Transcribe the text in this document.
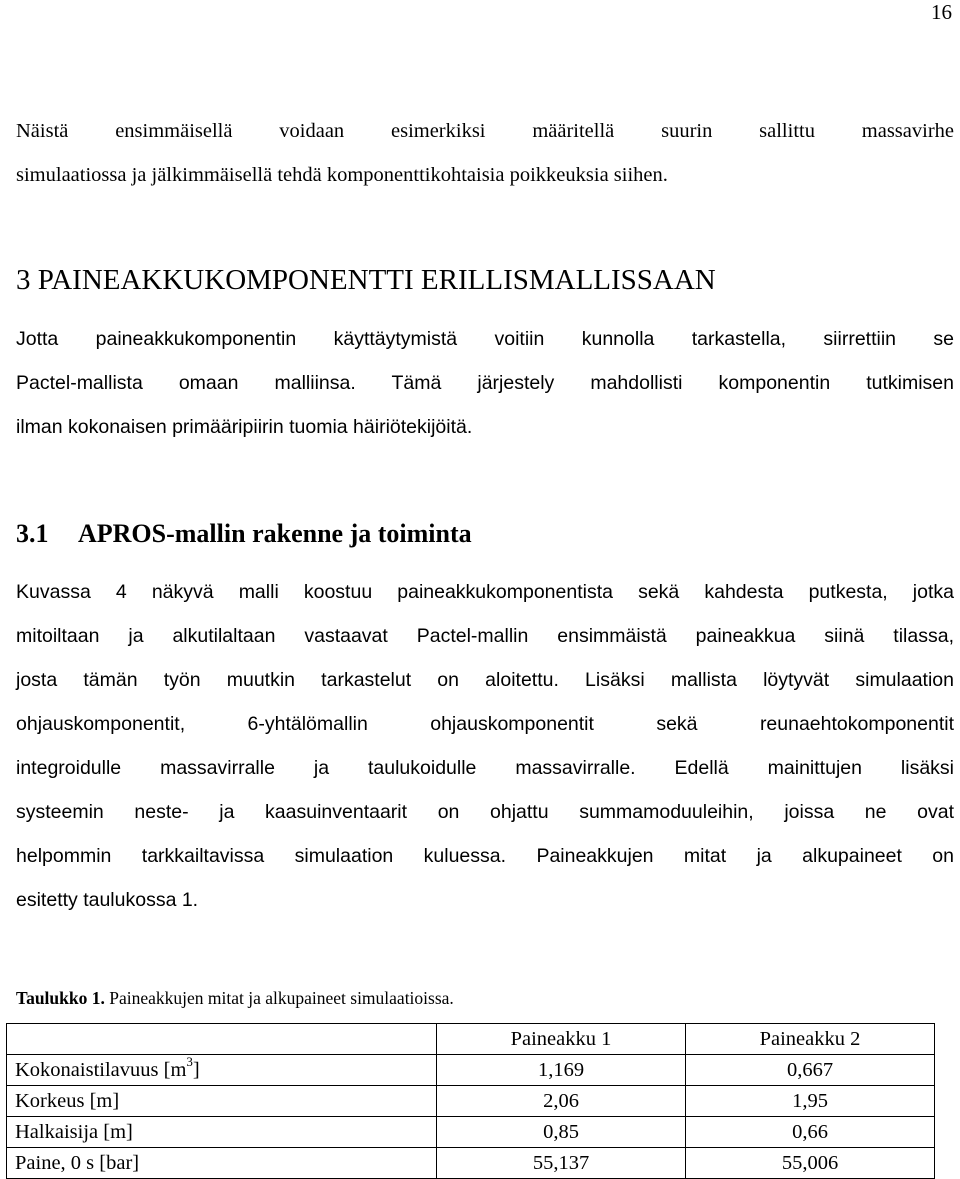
16
Näistä ensimmäisellä voidaan esimerkiksi määritellä suurin sallittu massavirhe
simulaatiossa ja jälkimmäisellä tehdä komponenttikohtaisia poikkeuksia siihen.
3 PAINEAKKUKOMPONENTTI ERILLISMALLISSAAN
Jotta paineakkukomponentin käyttäytymistä voitiin kunnolla tarkastella, siirrettiin se
Pactel-mallista omaan malliinsa. Tämä järjestely mahdollisti komponentin tutkimisen
ilman kokonaisen primääripiirin tuomia häiriötekijöitä.
3.1 APROS-mallin rakenne ja toiminta
Kuvassa 4 näkyvä malli koostuu paineakkukomponentista sekä kahdesta putkesta, jotka
mitoiltaan ja alkutilaltaan vastaavat Pactel-mallin ensimmäistä paineakkua siinä tilassa,
josta tämän työn muutkin tarkastelut on aloitettu. Lisäksi mallista löytyvät simulaation
ohjauskomponentit, 6-yhtälömallin ohjauskomponentit sekä reunaehtokomponentit
integroidulle massavirralle ja taulukoidulle massavirralle. Edellä mainittujen lisäksi
systeemin neste- ja kaasuinventaarit on ohjattu summamoduuleihin, joissa ne ovat
helpommin tarkkailtavissa simulaation kuluessa. Paineakkujen mitat ja alkupaineet on
esitetty taulukossa 1.
Taulukko 1. Paineakkujen mitat ja alkupaineet simulaatioissa.
	Paineakku 1	Paineakku 2
Kokonaistilavuus $[m^3]$	1,169	0,667
Korkeus [m]	2,06	1,95
Halkaisija [m]	0,85	0,66
Paine, 0 s [bar]	55,137	55,006
